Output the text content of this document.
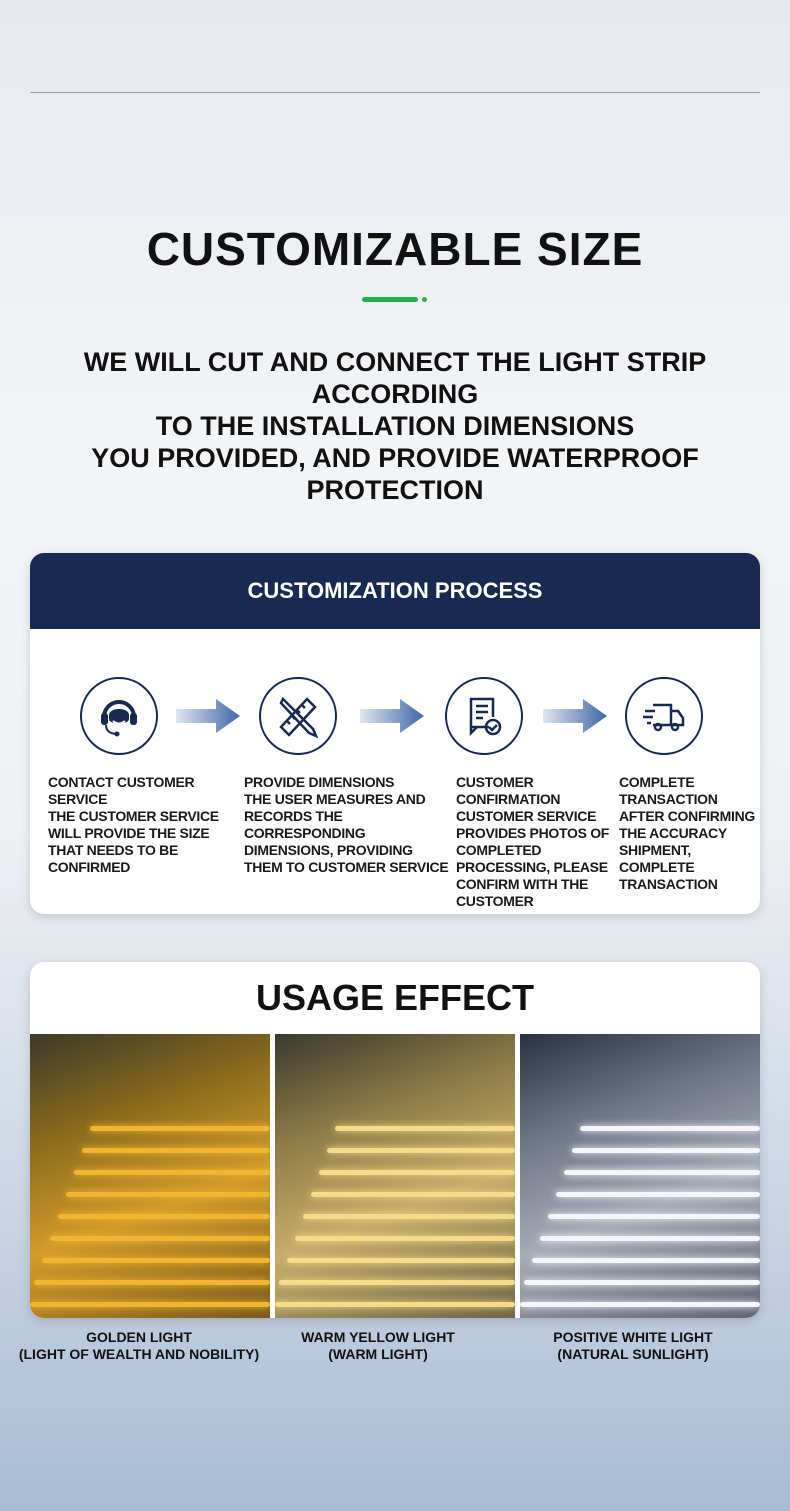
CUSTOMIZABLE SIZE
WE WILL CUT AND CONNECT THE LIGHT STRIP ACCORDING
TO THE INSTALLATION DIMENSIONS
YOU PROVIDED, AND PROVIDE WATERPROOF PROTECTION
CUSTOMIZATION PROCESS
CONTACT CUSTOMER SERVICE
THE CUSTOMER SERVICE WILL PROVIDE THE SIZE THAT NEEDS TO BE CONFIRMED
PROVIDE DIMENSIONS
THE USER MEASURES AND RECORDS THE CORRESPONDING DIMENSIONS, PROVIDING THEM TO CUSTOMER SERVICE
CUSTOMER CONFIRMATION
CUSTOMER SERVICE PROVIDES PHOTOS OF COMPLETED PROCESSING, PLEASE CONFIRM WITH THE CUSTOMER
COMPLETE TRANSACTION
AFTER CONFIRMING THE ACCURACY SHIPMENT, COMPLETE TRANSACTION
USAGE EFFECT
GOLDEN LIGHT
(LIGHT OF WEALTH AND NOBILITY)
WARM YELLOW LIGHT
(WARM LIGHT)
POSITIVE WHITE LIGHT
(NATURAL SUNLIGHT)
